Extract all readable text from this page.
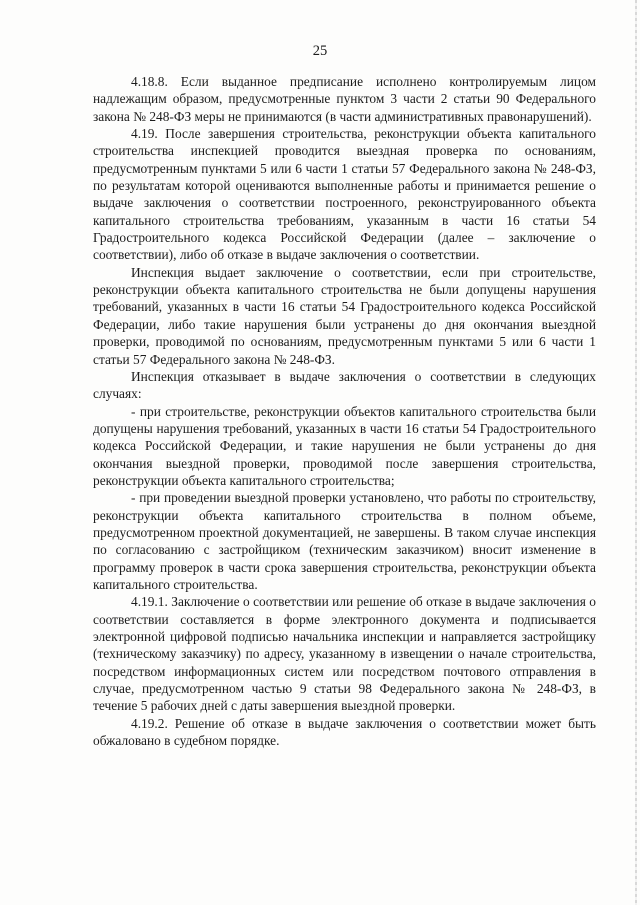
25

4.18.8. Если выданное предписание исполнено контролируемым лицом надлежащим образом, предусмотренные пунктом 3 части 2 статьи 90 Федерального закона № 248-ФЗ меры не принимаются (в части административных правонарушений).

4.19. После завершения строительства, реконструкции объекта капитального строительства инспекцией проводится выездная проверка по основаниям, предусмотренным пунктами 5 или 6 части 1 статьи 57 Федерального закона № 248-ФЗ, по результатам которой оцениваются выполненные работы и принимается решение о выдаче заключения о соответствии построенного, реконструированного объекта капитального строительства требованиям, указанным в части 16 статьи 54 Градостроительного кодекса Российской Федерации (далее – заключение о соответствии), либо об отказе в выдаче заключения о соответствии.

Инспекция выдает заключение о соответствии, если при строительстве, реконструкции объекта капитального строительства не были допущены нарушения требований, указанных в части 16 статьи 54 Градостроительного кодекса Российской Федерации, либо такие нарушения были устранены до дня окончания выездной проверки, проводимой по основаниям, предусмотренным пунктами 5 или 6 части 1 статьи 57 Федерального закона № 248-ФЗ.

Инспекция отказывает в выдаче заключения о соответствии в следующих случаях:

- при строительстве, реконструкции объектов капитального строительства были допущены нарушения требований, указанных в части 16 статьи 54 Градостроительного кодекса Российской Федерации, и такие нарушения не были устранены до дня окончания выездной проверки, проводимой после завершения строительства, реконструкции объекта капитального строительства;

- при проведении выездной проверки установлено, что работы по строительству, реконструкции объекта капитального строительства в полном объеме, предусмотренном проектной документацией, не завершены. В таком случае инспекция по согласованию с застройщиком (техническим заказчиком) вносит изменение в программу проверок в части срока завершения строительства, реконструкции объекта капитального строительства.

4.19.1. Заключение о соответствии или решение об отказе в выдаче заключения о соответствии составляется в форме электронного документа и подписывается электронной цифровой подписью начальника инспекции и направляется застройщику (техническому заказчику) по адресу, указанному в извещении о начале строительства, посредством информационных систем или посредством почтового отправления в случае, предусмотренном частью 9 статьи 98 Федерального закона № 248-ФЗ, в течение 5 рабочих дней с даты завершения выездной проверки.

4.19.2. Решение об отказе в выдаче заключения о соответствии может быть обжаловано в судебном порядке.
